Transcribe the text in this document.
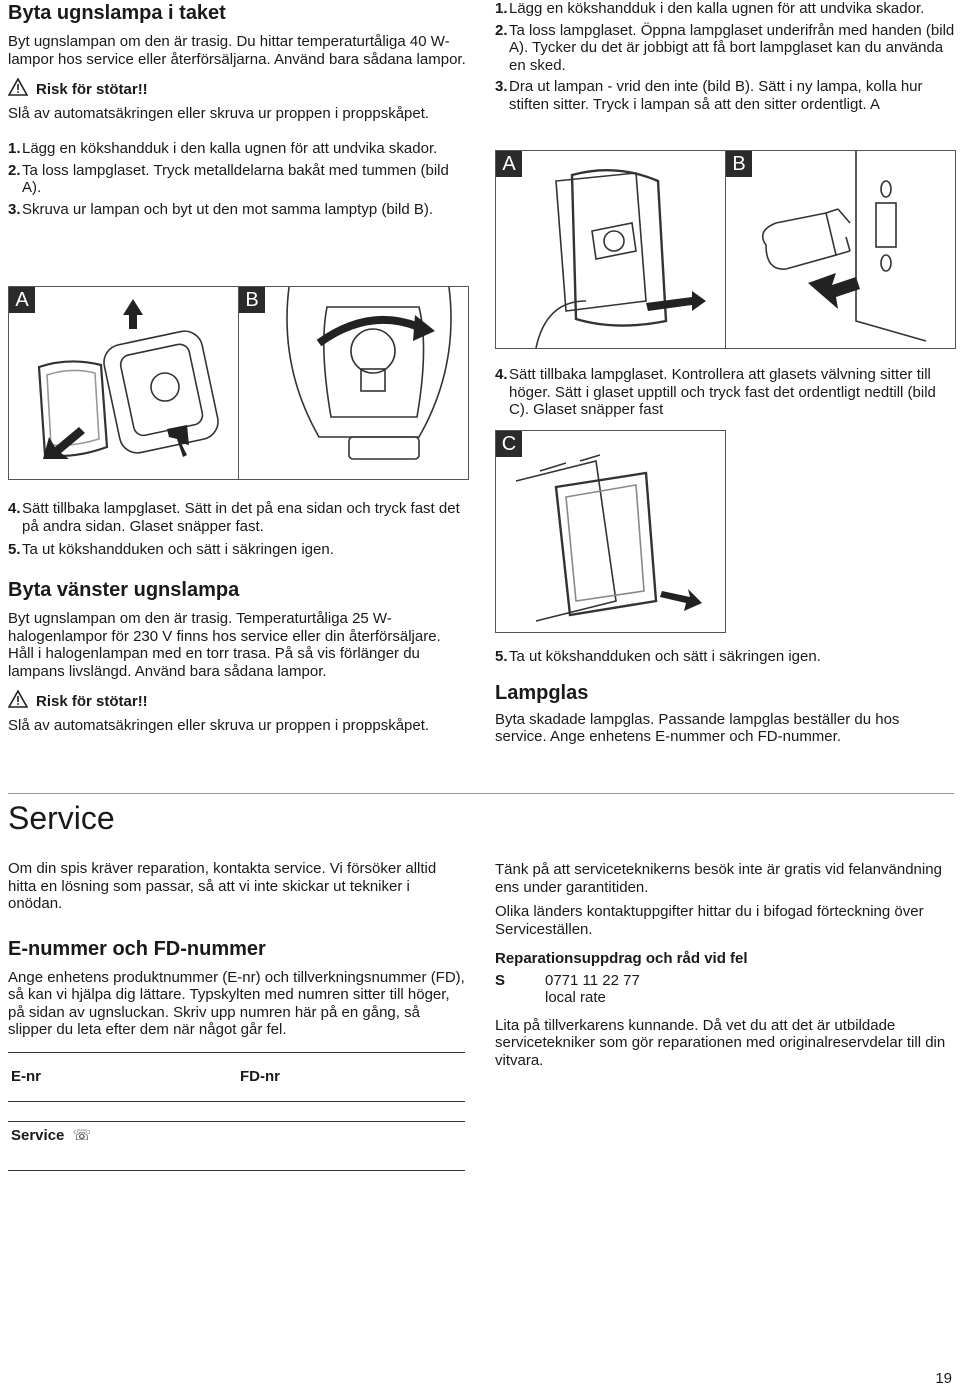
Byta ugnslampa i taket

Byt ugnslampan om den är trasig. Du hittar temperaturtåliga 40 W-lampor hos service eller återförsäljarna. Använd bara sådana lampor.

Risk för stötar!!

Slå av automatsäkringen eller skruva ur proppen i proppskåpet.

1. Lägg en kökshandduk i den kalla ugnen för att undvika skador.
2. Ta loss lampglaset. Tryck metalldelarna bakåt med tummen (bild A).
3. Skruva ur lampan och byt ut den mot samma lamptyp (bild B).
A	B
4. Sätt tillbaka lampglaset. Sätt in det på ena sidan och tryck fast det på andra sidan. Glaset snäpper fast.
5. Ta ut kökshandduken och sätt i säkringen igen.
Byta vänster ugnslampa

Byt ugnslampan om den är trasig. Temperaturtåliga 25 W-halogenlampor för 230 V finns hos service eller din återförsäljare. Håll i halogenlampan med en torr trasa. På så vis förlänger du lampans livslängd. Använd bara sådana lampor.

Risk för stötar!!

Slå av automatsäkringen eller skruva ur proppen i proppskåpet.

1. Lägg en kökshandduk i den kalla ugnen för att undvika skador.
2. Ta loss lampglaset. Öppna lampglaset underifrån med handen (bild A). Tycker du det är jobbigt att få bort lampglaset kan du använda en sked.
3. Dra ut lampan - vrid den inte (bild B). Sätt i ny lampa, kolla hur stiften sitter. Tryck i lampan så att den sitter ordentligt. A
A	B
4. Sätt tillbaka lampglaset. Kontrollera att glasets välvning sitter till höger. Sätt i glaset upptill och tryck fast det ordentligt nedtill (bild C). Glaset snäpper fast
C
5. Ta ut kökshandduken och sätt i säkringen igen.
Lampglas

Byta skadade lampglas. Passande lampglas beställer du hos service. Ange enhetens E-nummer och FD-nummer.

Service

Om din spis kräver reparation, kontakta service. Vi försöker alltid hitta en lösning som passar, så att vi inte skickar ut tekniker i onödan.

E-nummer och FD-nummer

Ange enhetens produktnummer (E-nr) och tillverkningsnummer (FD), så kan vi hjälpa dig lättare. Typskylten med numren sitter till höger, på sidan av ugnsluckan. Skriv upp numren här på en gång, så slipper du leta efter dem när något går fel.

E-nr	FD-nr
Service ☏

Tänk på att serviceteknikerns besök inte är gratis vid felanvändning ens under garantitiden.

Olika länders kontaktuppgifter hittar du i bifogad förteckning över Serviceställen.

Reparationsuppdrag och råd vid fel

S	0771 11 22 77
local rate

Lita på tillverkarens kunnande. Då vet du att det är utbildade servicetekniker som gör reparationen med originalreservdelar till din vitvara.

19
